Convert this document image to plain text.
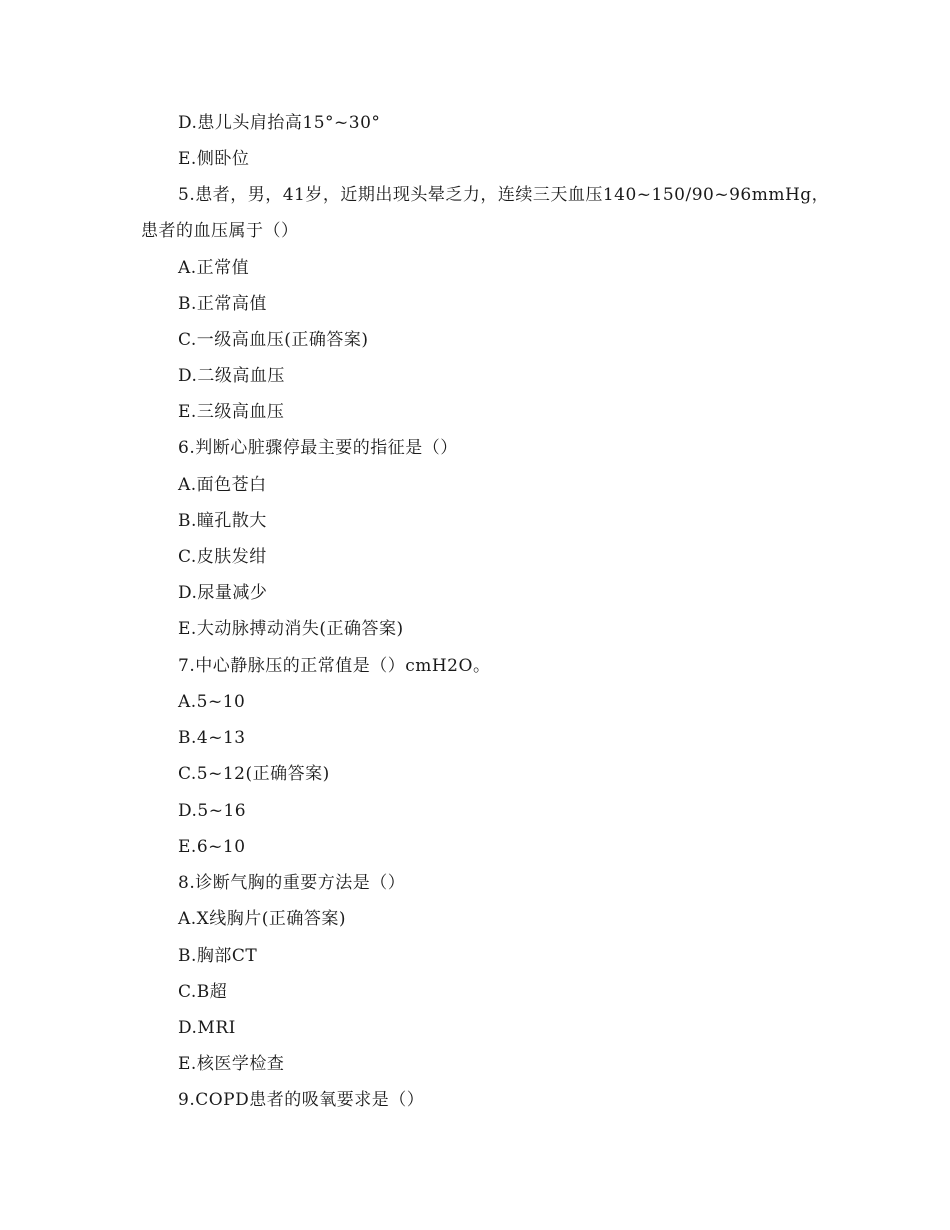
D.患儿头肩抬高15°~30°
E.侧卧位
5.患者，男，41岁，近期出现头晕乏力，连续三天血压140~150/90~96mmHg，
患者的血压属于（）
A.正常值
B.正常高值
C.一级高血压(正确答案)
D.二级高血压
E.三级高血压
6.判断心脏骤停最主要的指征是（）
A.面色苍白
B.瞳孔散大
C.皮肤发绀
D.尿量减少
E.大动脉搏动消失(正确答案)
7.中心静脉压的正常值是（）cmH2O。
A.5~10
B.4~13
C.5~12(正确答案)
D.5~16
E.6~10
8.诊断气胸的重要方法是（）
A.X线胸片(正确答案)
B.胸部CT
C.B超
D.MRI
E.核医学检查
9.COPD患者的吸氧要求是（）
